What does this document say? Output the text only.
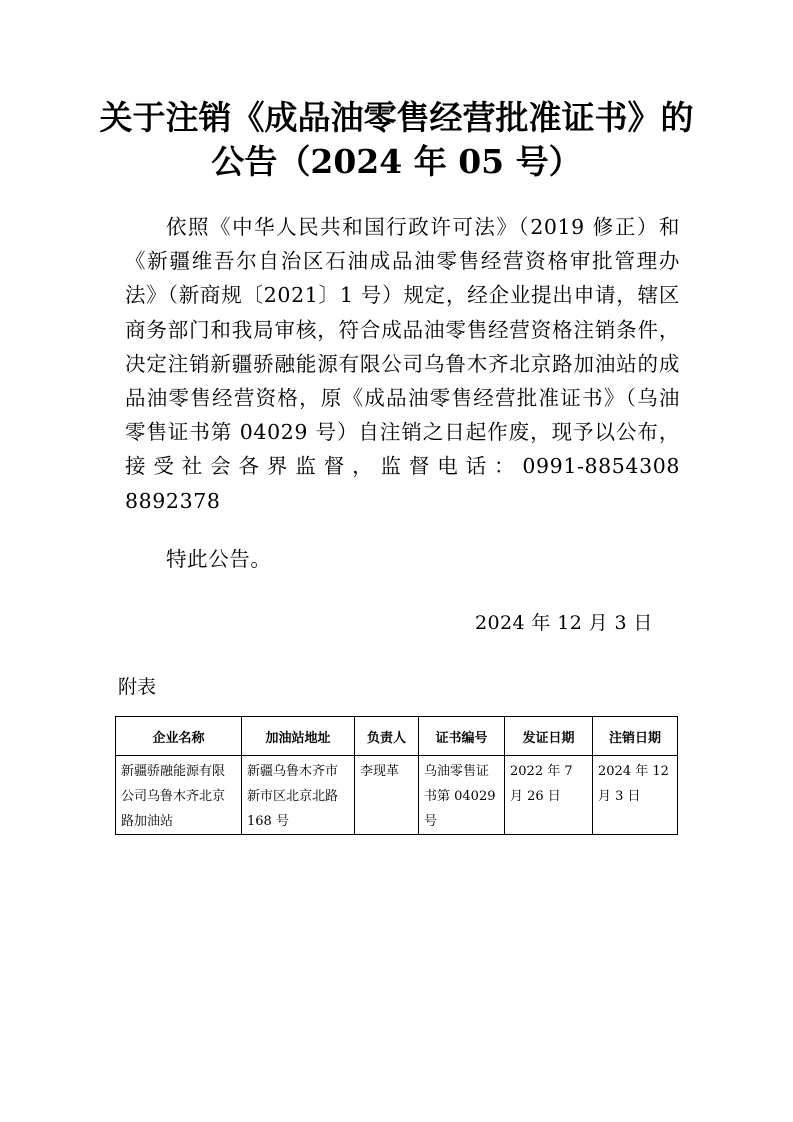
关于注销《成品油零售经营批准证书》的
公告（2024 年 05 号）
依照《中华人民共和国行政许可法》（2019 修正）和《新疆维吾尔自治区石油成品油零售经营资格审批管理办法》（新商规〔2021〕1 号）规定，经企业提出申请，辖区商务部门和我局审核，符合成品油零售经营资格注销条件，决定注销新疆骄融能源有限公司乌鲁木齐北京路加油站的成品油零售经营资格，原《成品油零售经营批准证书》（乌油零售证书第 04029 号）自注销之日起作废，现予以公布，接受社会各界监督，监督电话：0991-8854308　 8892378
特此公告。
2024 年 12 月 3 日
附表
企业名称	加油站地址	负责人	证书编号	发证日期	注销日期
新疆骄融能源有限公司乌鲁木齐北京路加油站	新疆乌鲁木齐市新市区北京北路 168 号	李现革	乌油零售证书第 04029 号	2022 年 7 月 26 日	2024 年 12 月 3 日
